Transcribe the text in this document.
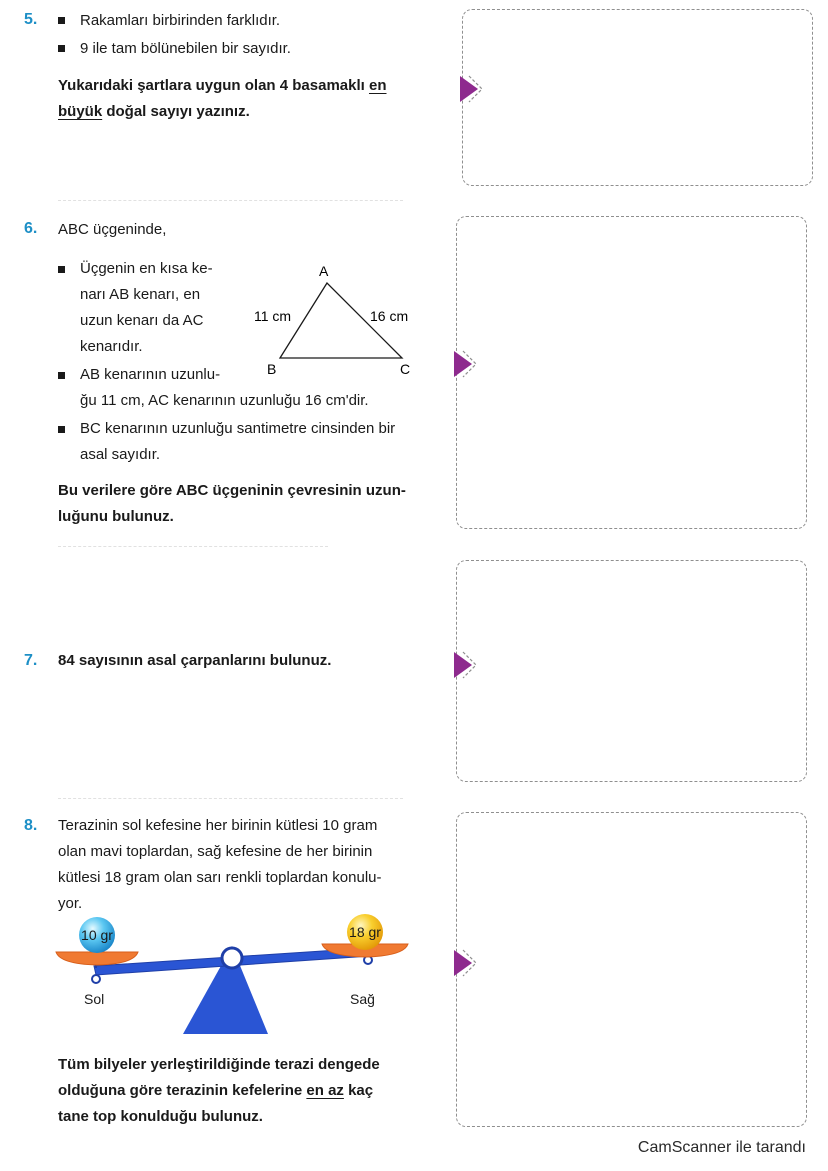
5.	Rakamları birbirinden farklıdır.
9 ile tam bölünebilen bir sayıdır.
Yukarıdaki şartlara uygun olan 4 basamaklı en
büyük doğal sayıyı yazınız.
6. ABC üçgeninde,
Üçgenin en kısa ke-
narı AB kenarı, en
uzun kenarı da AC
kenarıdır.
AB kenarının uzunlu-
ğu 11 cm, AC kenarının uzunluğu 16 cm'dir.
BC kenarının uzunluğu santimetre cinsinden bir
asal sayıdır.
Bu verilere göre ABC üçgeninin çevresinin uzun-
luğunu bulunuz.
A
B	C
11 cm	16 cm
7. 84 sayısının asal çarpanlarını bulunuz.
8. Terazinin sol kefesine her birinin kütlesi 10 gram
olan mavi toplardan, sağ kefesine de her birinin
kütlesi 18 gram olan sarı renkli toplardan konulu-
yor.
10 gr	18 gr
Sol	Sağ
Tüm bilyeler yerleştirildiğinde terazi dengede
olduğuna göre terazinin kefelerine en az kaç
tane top konulduğu bulunuz.
CamScanner ile tarandı
